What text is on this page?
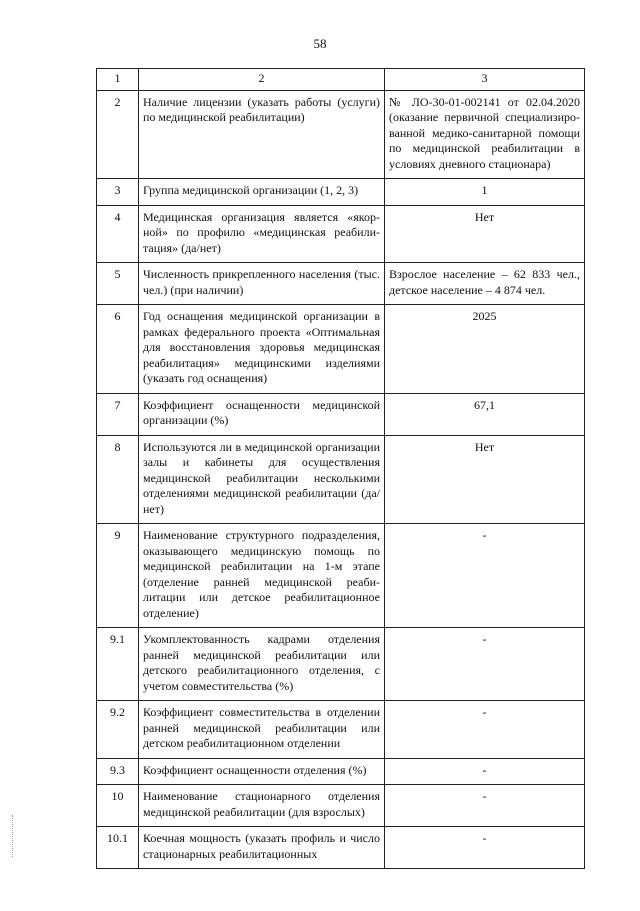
58
1	2	3
2	Наличие лицензии (указать работы (услуги) по медицинской реабилитации)	№ ЛО-30-01-002141 от 02.04.2020 (оказание первичной специализированной медико-санитарной помощи по медицинской реабилитации в условиях дневного стационара)
3	Группа медицинской организации (1, 2, 3)	1
4	Медицинская организация является «якорной» по профилю «медицинская реабилитация» (да/нет)	Нет
5	Численность прикрепленного населения (тыс. чел.) (при наличии)	Взрослое население – 62 833 чел., детское население – 4 874 чел.
6	Год оснащения медицинской организации в рамках федерального проекта «Оптимальная для восстановления здоровья медицинская реабилитация» медицинскими изделиями (указать год оснащения)	2025
7	Коэффициент оснащенности медицинской организации (%)	67,1
8	Используются ли в медицинской организации залы и кабинеты для осуществления медицинской реабилитации несколькими отделениями медицинской реабилитации (да/нет)	Нет
9	Наименование структурного подразделения, оказывающего медицинскую помощь по медицинской реабилитации на 1-м этапе (отделение ранней медицинской реабилитации или детское реабилитационное отделение)	-
9.1	Укомплектованность кадрами отделения ранней медицинской реабилитации или детского реабилитационного отделения, с учетом совместительства (%)	-
9.2	Коэффициент совместительства в отделении ранней медицинской реабилитации или детском реабилитационном отделении	-
9.3	Коэффициент оснащенности отделения (%)	-
10	Наименование стационарного отделения медицинской реабилитации (для взрослых)	-
10.1	Коечная мощность (указать профиль и число стационарных реабилитационных	-
